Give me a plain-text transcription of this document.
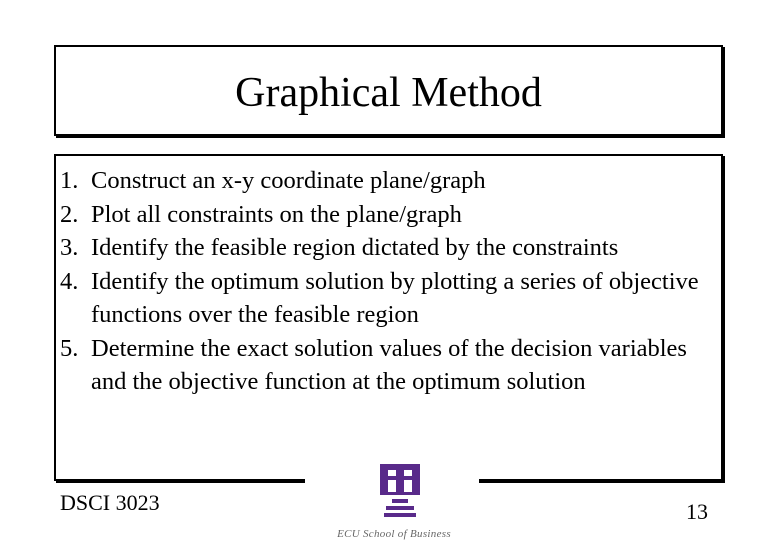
Graphical Method
1. Construct an x-y coordinate plane/graph
2. Plot all constraints on the plane/graph
3. Identify the feasible region dictated by the constraints
4. Identify the optimum solution by plotting a series of objective functions over the feasible region
5. Determine the exact solution values of the decision variables and the objective function at the optimum solution
DSCI 3023	13
ECU School of Business
